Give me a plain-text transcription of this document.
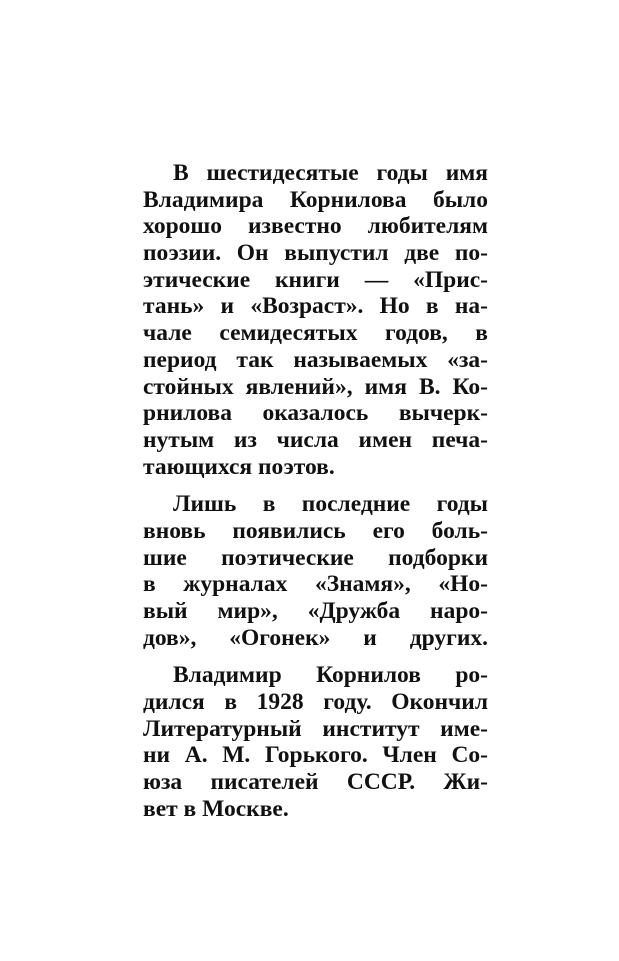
В шестидесятые годы имя
Владимира Корнилова было
хорошо известно любителям
поэзии. Он выпустил две по-
этические книги — «Прис-
тань» и «Возраст». Но в на-
чале семидесятых годов, в
период так называемых «за-
стойных явлений», имя В. Ко-
рнилова оказалось вычерк-
нутым из числа имен печа-
тающихся поэтов.
Лишь в последние годы
вновь появились его боль-
шие поэтические подборки
в журналах «Знамя», «Но-
вый мир», «Дружба наро-
дов», «Огонек» и других.
Владимир Корнилов ро-
дился в 1928 году. Окончил
Литературный институт име-
ни А. М. Горького. Член Со-
юза писателей СССР. Жи-
вет в Москве.
